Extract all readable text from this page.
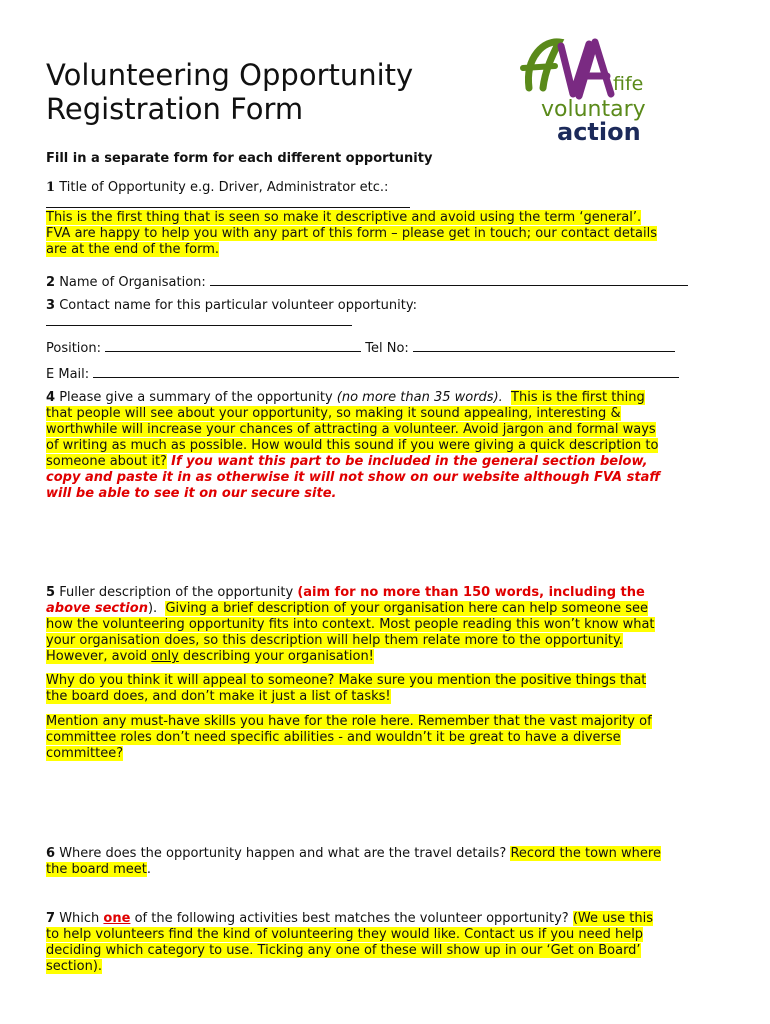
Volunteering Opportunity
Registration Form
fife
voluntary
action
Fill in a separate form for each different opportunity
1 Title of Opportunity e.g. Driver, Administrator etc.:

This is the first thing that is seen so make it descriptive and avoid using the term ‘general’.
FVA are happy to help you with any part of this form – please get in touch; our contact details
are at the end of the form.
2 Name of Organisation:
3 Contact name for this particular volunteer opportunity:

Position:	Tel No:
E Mail:
4 Please give a summary of the opportunity (no more than 35 words). This is the first thing
that people will see about your opportunity, so making it sound appealing, interesting &
worthwhile will increase your chances of attracting a volunteer. Avoid jargon and formal ways
of writing as much as possible. How would this sound if you were giving a quick description to
someone about it? If you want this part to be included in the general section below,
copy and paste it in as otherwise it will not show on our website although FVA staff
will be able to see it on our secure site.
5 Fuller description of the opportunity (aim for no more than 150 words, including the
above section). Giving a brief description of your organisation here can help someone see
how the volunteering opportunity fits into context. Most people reading this won’t know what
your organisation does, so this description will help them relate more to the opportunity.
However, avoid only describing your organisation!
Why do you think it will appeal to someone? Make sure you mention the positive things that
the board does, and don’t make it just a list of tasks!
Mention any must-have skills you have for the role here. Remember that the vast majority of
committee roles don’t need specific abilities - and wouldn’t it be great to have a diverse
committee?
6 Where does the opportunity happen and what are the travel details? Record the town where
the board meet.
7 Which one of the following activities best matches the volunteer opportunity? (We use this
to help volunteers find the kind of volunteering they would like. Contact us if you need help
deciding which category to use. Ticking any one of these will show up in our ‘Get on Board’
section).
